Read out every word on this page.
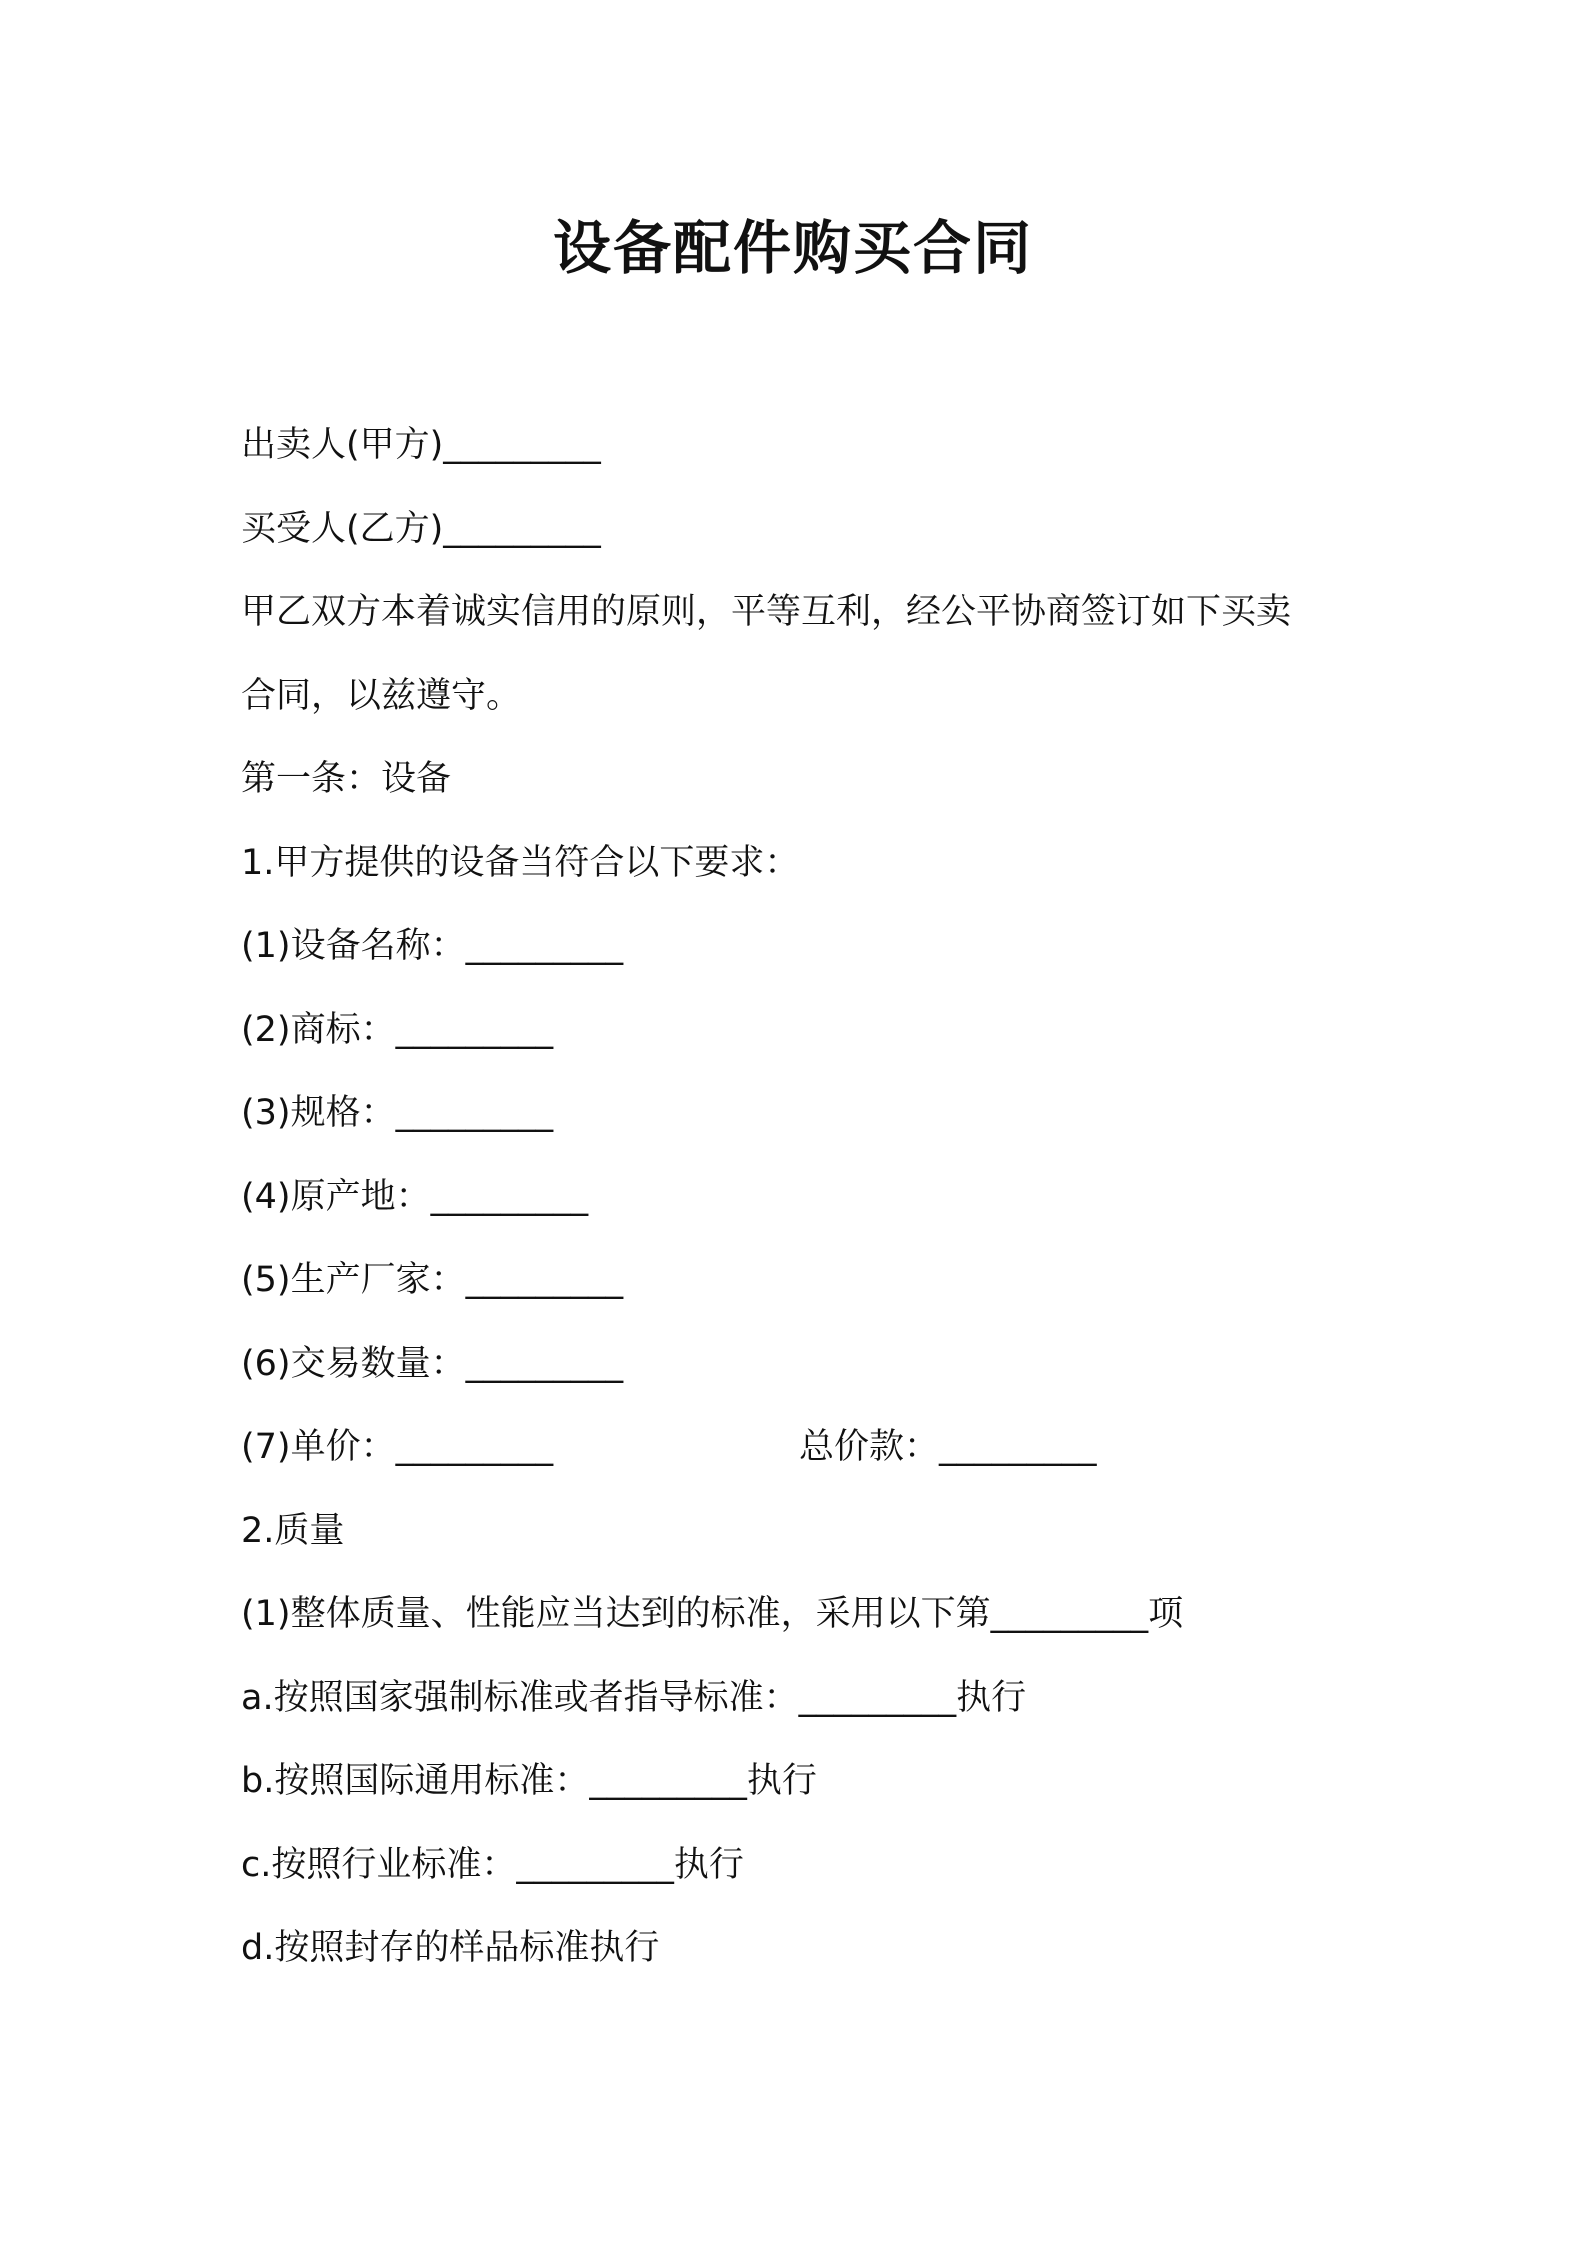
设备配件购买合同
出卖人(甲方)_________
买受人(乙方)_________
甲乙双方本着诚实信用的原则，平等互利，经公平协商签订如下买卖
合同，以兹遵守。
第一条：设备
1.甲方提供的设备当符合以下要求：
(1)设备名称：_________
(2)商标：_________
(3)规格：_________
(4)原产地：_________
(5)生产厂家：_________
(6)交易数量：_________
(7)单价：_________	总价款：_________
2.质量
(1)整体质量、性能应当达到的标准，采用以下第_________项
a.按照国家强制标准或者指导标准：_________执行
b.按照国际通用标准：_________执行
c.按照行业标准：_________执行
d.按照封存的样品标准执行
